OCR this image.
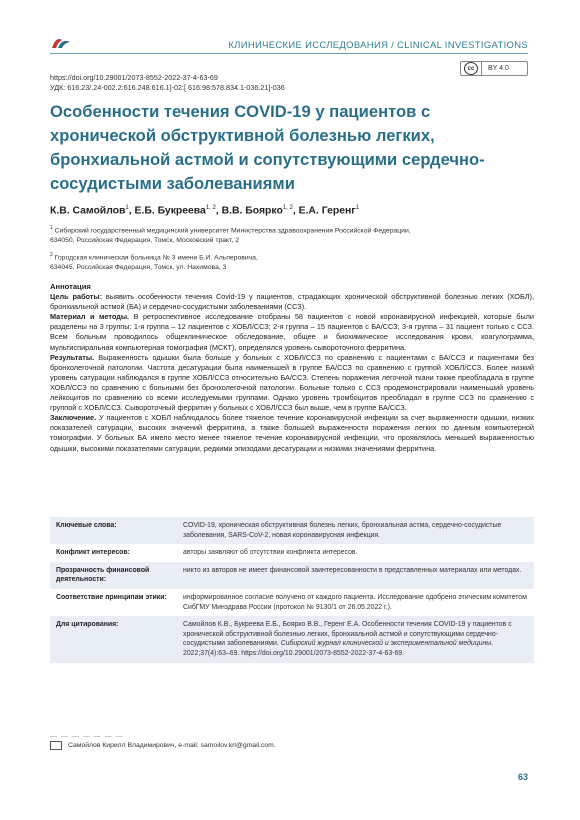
КЛИНИЧЕСКИЕ ИССЛЕДОВАНИЯ / CLINICAL INVESTIGATIONS
https://doi.org/10.29001/2073-8552-2022-37-4-63-69
УДК: 616.23/.24-002.2:616.248:616.1]-02:[ 616.98:578.834.1-036.21]-036
cc	BY 4.0
Особенности течения COVID-19 у пациентов с хронической обструктивной болезнью легких, бронхиальной астмой и сопутствующими сердечно-сосудистыми заболеваниями
К.В. Самойлов$^1$, Е.Б. Букреева$^{1, 2}$, В.В. Боярко$^{1, 2}$, Е.А. Геренг$^1$
$^1$ Сибирский государственный медицинский университет Министерства здравоохранения Российской Федерации,
634050, Российская Федерация, Томск, Московский тракт, 2
$^2$ Городская клиническая больница № 3 имени Б.И. Альперовича,
634045, Российская Федерация, Томск, ул. Нахимова, 3

Аннотация

Цель работы: выявить особенности течения Covid-19 у пациентов, страдающих хронической обструктивной болезнью легких (ХОБЛ), бронхиальной астмой (БА) и сердечно-сосудистыми заболеваниями (ССЗ).

Материал и методы. В ретроспективное исследование отобраны 58 пациентов с новой коронавирусной инфекцией, которые были разделены на 3 группы: 1-я группа – 12 пациентов с ХОБЛ/ССЗ; 2-я группа – 15 пациентов с БА/ССЗ; 3-я группа – 31 пациент только с ССЗ. Всем больным проводилось общеклиническое обследование, общее и биохимическое исследования крови, коагулограмма, мультиспиральная компьютерная томография (МСКТ), определялся уровень сывороточного ферритина.

Результаты. Выраженность одышки была больше у больных с ХОБЛ/ССЗ по сравнению с пациентами с БА/ССЗ и пациентами без бронхолегочной патологии. Частота десатурации была наименьшей в группе БА/ССЗ по сравнению с группой ХОБЛ/ССЗ. Более низкий уровень сатурации наблюдался в группе ХОБЛ/ССЗ относительно БА/ССЗ. Степень поражения легочной ткани также преобладала в группе ХОБЛ/ССЗ по сравнению с больными без бронхолегочной патологии. Больные только с ССЗ продемонстрировали наименьший уровень лейкоцитов по сравнению со всеми исследуемыми группами. Однако уровень тромбоцитов преобладал в группе ССЗ по сравнению с группой с ХОБЛ/ССЗ. Сывороточный ферритин у больных с ХОБЛ/ССЗ был выше, чем в группе БА/ССЗ.

Заключение. У пациентов с ХОБЛ наблюдалось более тяжелое течение коронавирусной инфекции за счет выраженности одышки, низких показателей сатурации, высоких значений ферритина, а также большей выраженности поражения легких по данным компьютерной томографии. У больных БА имело место менее тяжелое течение коронавирусной инфекции, что проявлялось меньшей выраженностью одышки, высокими показателями сатурации, редкими эпизодами десатурации и низкими значениями ферритина.

Ключевые слова:	COVID-19, хроническая обструктивная болезнь легких, бронхиальная астма, сердечно-сосудистые заболевания, SARS-CoV-2, новая коронавирусная инфекция.
Конфликт интересов:	авторы заявляют об отсутствии конфликта интересов.
Прозрачность финансовой деятельности:	никто из авторов не имеет финансовой заинтересованности в представленных материалах или методах.
Соответствие принципам этики:	информированное согласие получено от каждого пациента. Исследование одобрено этическим комитетом СибГМУ Минздрава России (протокол № 9130/1 от 26.05.2022 г.).
Для цитирования:	Самойлов К.В., Букреева Е.Б., Боярко В.В., Геренг Е.А. Особенности течения COVID-19 у пациентов с хронической обструктивной болезнью легких, бронхиальной астмой и сопутствующими сердечно-сосудистыми заболеваниями. Сибирский журнал клинической и экспериментальной медицины. 2022;37(4):63–69. https://doi.org/10.29001/2073-8552-2022-37-4-63-69.
— — — — — — —
Самойлов Кирилл Владимирович, e-mail: samoilov.krl@gmail.com.
63
